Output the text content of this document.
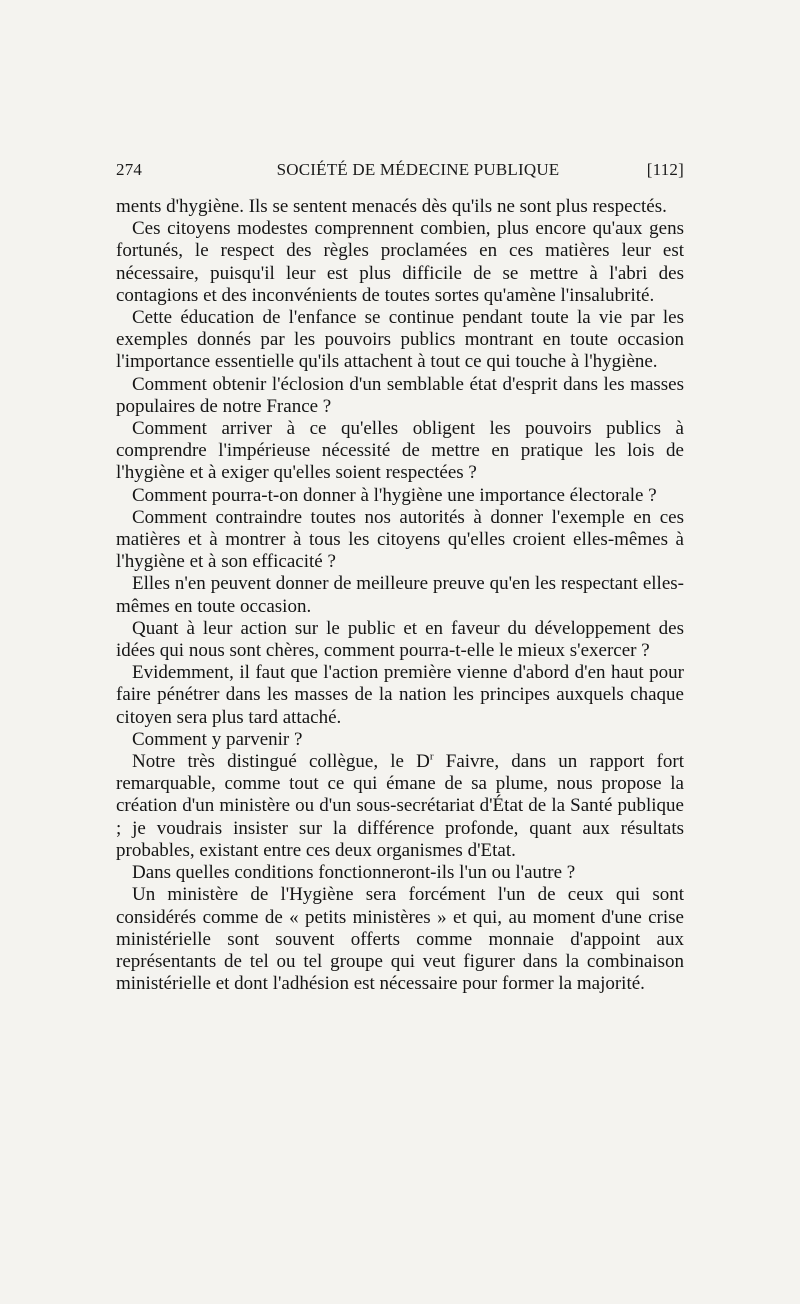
274	SOCIÉTÉ DE MÉDECINE PUBLIQUE	[112]

ments d'hygiène. Ils se sentent menacés dès qu'ils ne sont plus respectés.

Ces citoyens modestes comprennent combien, plus encore qu'aux gens fortunés, le respect des règles proclamées en ces matières leur est nécessaire, puisqu'il leur est plus difficile de se mettre à l'abri des contagions et des inconvénients de toutes sortes qu'amène l'insalubrité.

Cette éducation de l'enfance se continue pendant toute la vie par les exemples donnés par les pouvoirs publics montrant en toute occasion l'importance essentielle qu'ils attachent à tout ce qui touche à l'hygiène.

Comment obtenir l'éclosion d'un semblable état d'esprit dans les masses populaires de notre France ?

Comment arriver à ce qu'elles obligent les pouvoirs publics à comprendre l'impérieuse nécessité de mettre en pratique les lois de l'hygiène et à exiger qu'elles soient respectées ?

Comment pourra-t-on donner à l'hygiène une importance électorale ?

Comment contraindre toutes nos autorités à donner l'exemple en ces matières et à montrer à tous les citoyens qu'elles croient elles-mêmes à l'hygiène et à son efficacité ?

Elles n'en peuvent donner de meilleure preuve qu'en les respectant elles-mêmes en toute occasion.

Quant à leur action sur le public et en faveur du développement des idées qui nous sont chères, comment pourra-t-elle le mieux s'exercer ?

Evidemment, il faut que l'action première vienne d'abord d'en haut pour faire pénétrer dans les masses de la nation les principes auxquels chaque citoyen sera plus tard attaché.

Comment y parvenir ?

Notre très distingué collègue, le $D^r$ Faivre, dans un rapport fort remarquable, comme tout ce qui émane de sa plume, nous propose la création d'un ministère ou d'un sous-secrétariat d'État de la Santé publique ; je voudrais insister sur la différence profonde, quant aux résultats probables, existant entre ces deux organismes d'Etat.

Dans quelles conditions fonctionneront-ils l'un ou l'autre ?

Un ministère de l'Hygiène sera forcément l'un de ceux qui sont considérés comme de « petits ministères » et qui, au moment d'une crise ministérielle sont souvent offerts comme monnaie d'appoint aux représentants de tel ou tel groupe qui veut figurer dans la combinaison ministérielle et dont l'adhésion est nécessaire pour former la majorité.
